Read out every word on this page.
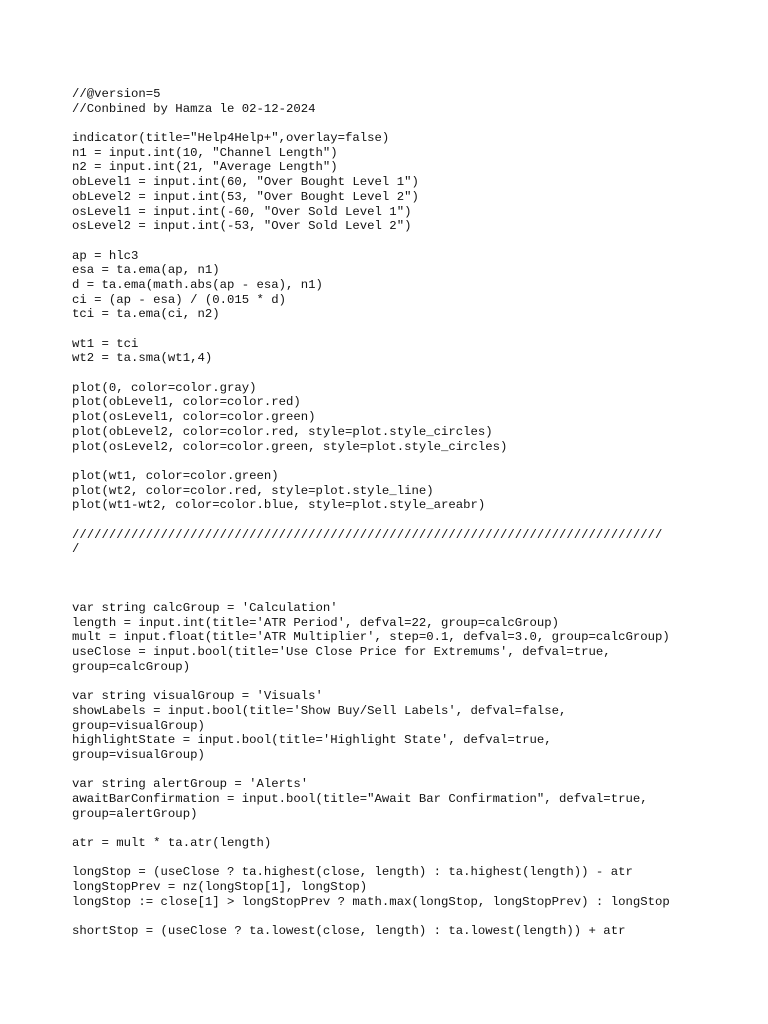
//@version=5
//Conbined by Hamza le 02-12-2024
indicator(title="Help4Help+",overlay=false)
n1 = input.int(10, "Channel Length")
n2 = input.int(21, "Average Length")
obLevel1 = input.int(60, "Over Bought Level 1")
obLevel2 = input.int(53, "Over Bought Level 2")
osLevel1 = input.int(-60, "Over Sold Level 1")
osLevel2 = input.int(-53, "Over Sold Level 2")
ap = hlc3
esa = ta.ema(ap, n1)
d = ta.ema(math.abs(ap - esa), n1)
ci = (ap - esa) / (0.015 * d)
tci = ta.ema(ci, n2)
wt1 = tci
wt2 = ta.sma(wt1,4)
plot(0, color=color.gray)
plot(obLevel1, color=color.red)
plot(osLevel1, color=color.green)
plot(obLevel2, color=color.red, style=plot.style_circles)
plot(osLevel2, color=color.green, style=plot.style_circles)
plot(wt1, color=color.green)
plot(wt2, color=color.red, style=plot.style_line)
plot(wt1-wt2, color=color.blue, style=plot.style_areabr)
////////////////////////////////////////////////////////////////////////////////
/
var string calcGroup = 'Calculation'
length = input.int(title='ATR Period', defval=22, group=calcGroup)
mult = input.float(title='ATR Multiplier', step=0.1, defval=3.0, group=calcGroup)
useClose = input.bool(title='Use Close Price for Extremums', defval=true,
group=calcGroup)
var string visualGroup = 'Visuals'
showLabels = input.bool(title='Show Buy/Sell Labels', defval=false,
group=visualGroup)
highlightState = input.bool(title='Highlight State', defval=true,
group=visualGroup)
var string alertGroup = 'Alerts'
awaitBarConfirmation = input.bool(title="Await Bar Confirmation", defval=true,
group=alertGroup)
atr = mult * ta.atr(length)
longStop = (useClose ? ta.highest(close, length) : ta.highest(length)) - atr
longStopPrev = nz(longStop[1], longStop)
longStop := close[1] > longStopPrev ? math.max(longStop, longStopPrev) : longStop
shortStop = (useClose ? ta.lowest(close, length) : ta.lowest(length)) + atr
